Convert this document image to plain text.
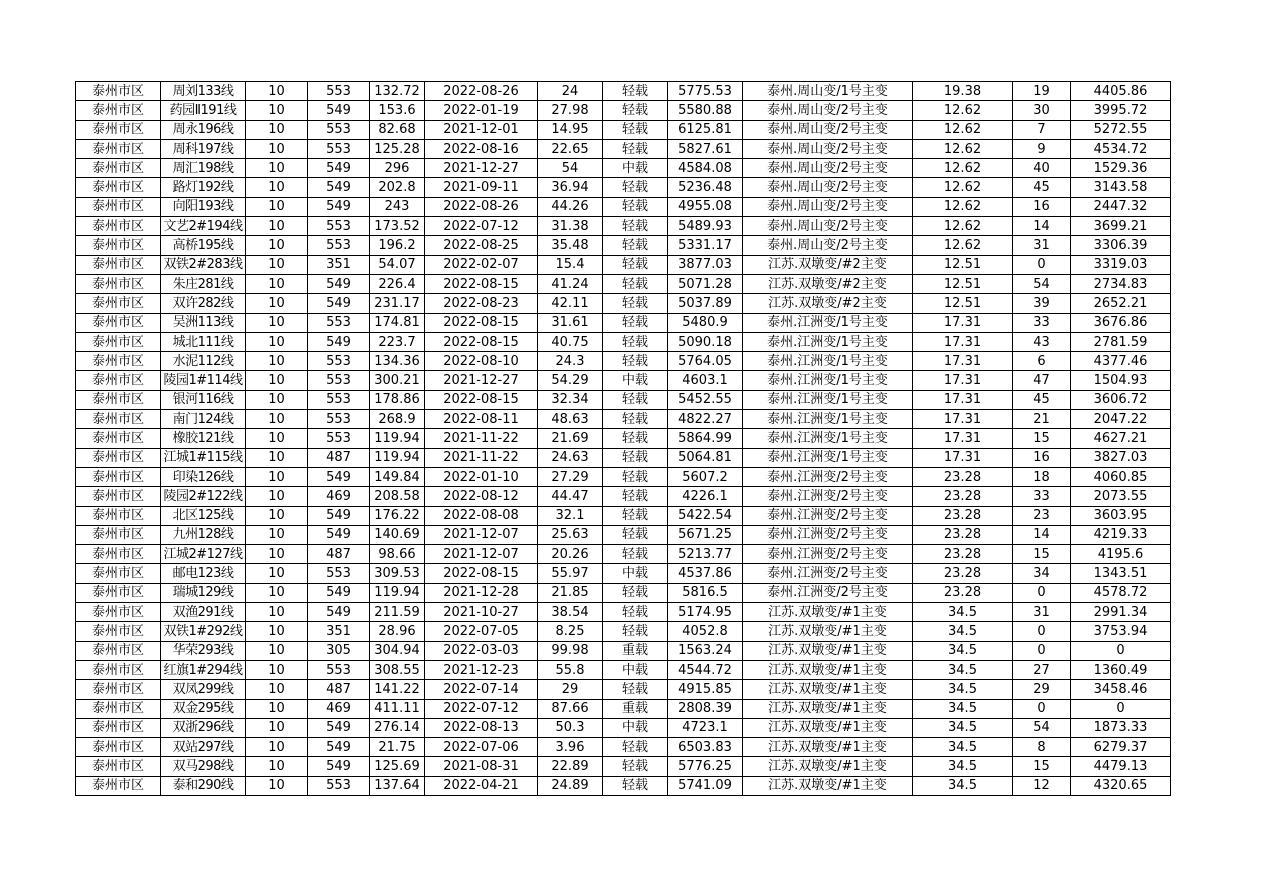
泰州市区	周刘133线	10	553	132.72	2022-08-26	24	轻载	5775.53	泰州.周山变/1号主变	19.38	19	4405.86
泰州市区	药园Ⅱ191线	10	549	153.6	2022-01-19	27.98	轻载	5580.88	泰州.周山变/2号主变	12.62	30	3995.72
泰州市区	周永196线	10	553	82.68	2021-12-01	14.95	轻载	6125.81	泰州.周山变/2号主变	12.62	7	5272.55
泰州市区	周科197线	10	553	125.28	2022-08-16	22.65	轻载	5827.61	泰州.周山变/2号主变	12.62	9	4534.72
泰州市区	周汇198线	10	549	296	2021-12-27	54	中载	4584.08	泰州.周山变/2号主变	12.62	40	1529.36
泰州市区	路灯192线	10	549	202.8	2021-09-11	36.94	轻载	5236.48	泰州.周山变/2号主变	12.62	45	3143.58
泰州市区	向阳193线	10	549	243	2022-08-26	44.26	轻载	4955.08	泰州.周山变/2号主变	12.62	16	2447.32
泰州市区	文艺2#194线	10	553	173.52	2022-07-12	31.38	轻载	5489.93	泰州.周山变/2号主变	12.62	14	3699.21
泰州市区	高桥195线	10	553	196.2	2022-08-25	35.48	轻载	5331.17	泰州.周山变/2号主变	12.62	31	3306.39
泰州市区	双铁2#283线	10	351	54.07	2022-02-07	15.4	轻载	3877.03	江苏.双墩变/#2主变	12.51	0	3319.03
泰州市区	朱庄281线	10	549	226.4	2022-08-15	41.24	轻载	5071.28	江苏.双墩变/#2主变	12.51	54	2734.83
泰州市区	双许282线	10	549	231.17	2022-08-23	42.11	轻载	5037.89	江苏.双墩变/#2主变	12.51	39	2652.21
泰州市区	吴洲113线	10	553	174.81	2022-08-15	31.61	轻载	5480.9	泰州.江洲变/1号主变	17.31	33	3676.86
泰州市区	城北111线	10	549	223.7	2022-08-15	40.75	轻载	5090.18	泰州.江洲变/1号主变	17.31	43	2781.59
泰州市区	水泥112线	10	553	134.36	2022-08-10	24.3	轻载	5764.05	泰州.江洲变/1号主变	17.31	6	4377.46
泰州市区	陵园1#114线	10	553	300.21	2021-12-27	54.29	中载	4603.1	泰州.江洲变/1号主变	17.31	47	1504.93
泰州市区	银河116线	10	553	178.86	2022-08-15	32.34	轻载	5452.55	泰州.江洲变/1号主变	17.31	45	3606.72
泰州市区	南门124线	10	553	268.9	2022-08-11	48.63	轻载	4822.27	泰州.江洲变/1号主变	17.31	21	2047.22
泰州市区	橡胶121线	10	553	119.94	2021-11-22	21.69	轻载	5864.99	泰州.江洲变/1号主变	17.31	15	4627.21
泰州市区	江城1#115线	10	487	119.94	2021-11-22	24.63	轻载	5064.81	泰州.江洲变/1号主变	17.31	16	3827.03
泰州市区	印染126线	10	549	149.84	2022-01-10	27.29	轻载	5607.2	泰州.江洲变/2号主变	23.28	18	4060.85
泰州市区	陵园2#122线	10	469	208.58	2022-08-12	44.47	轻载	4226.1	泰州.江洲变/2号主变	23.28	33	2073.55
泰州市区	北区125线	10	549	176.22	2022-08-08	32.1	轻载	5422.54	泰州.江洲变/2号主变	23.28	23	3603.95
泰州市区	九州128线	10	549	140.69	2021-12-07	25.63	轻载	5671.25	泰州.江洲变/2号主变	23.28	14	4219.33
泰州市区	江城2#127线	10	487	98.66	2021-12-07	20.26	轻载	5213.77	泰州.江洲变/2号主变	23.28	15	4195.6
泰州市区	邮电123线	10	553	309.53	2022-08-15	55.97	中载	4537.86	泰州.江洲变/2号主变	23.28	34	1343.51
泰州市区	瑞城129线	10	549	119.94	2021-12-28	21.85	轻载	5816.5	泰州.江洲变/2号主变	23.28	0	4578.72
泰州市区	双渔291线	10	549	211.59	2021-10-27	38.54	轻载	5174.95	江苏.双墩变/#1主变	34.5	31	2991.34
泰州市区	双铁1#292线	10	351	28.96	2022-07-05	8.25	轻载	4052.8	江苏.双墩变/#1主变	34.5	0	3753.94
泰州市区	华荣293线	10	305	304.94	2022-03-03	99.98	重载	1563.24	江苏.双墩变/#1主变	34.5	0	0
泰州市区	红旗1#294线	10	553	308.55	2021-12-23	55.8	中载	4544.72	江苏.双墩变/#1主变	34.5	27	1360.49
泰州市区	双凤299线	10	487	141.22	2022-07-14	29	轻载	4915.85	江苏.双墩变/#1主变	34.5	29	3458.46
泰州市区	双金295线	10	469	411.11	2022-07-12	87.66	重载	2808.39	江苏.双墩变/#1主变	34.5	0	0
泰州市区	双浙296线	10	549	276.14	2022-08-13	50.3	中载	4723.1	江苏.双墩变/#1主变	34.5	54	1873.33
泰州市区	双站297线	10	549	21.75	2022-07-06	3.96	轻载	6503.83	江苏.双墩变/#1主变	34.5	8	6279.37
泰州市区	双马298线	10	549	125.69	2021-08-31	22.89	轻载	5776.25	江苏.双墩变/#1主变	34.5	15	4479.13
泰州市区	泰和290线	10	553	137.64	2022-04-21	24.89	轻载	5741.09	江苏.双墩变/#1主变	34.5	12	4320.65
